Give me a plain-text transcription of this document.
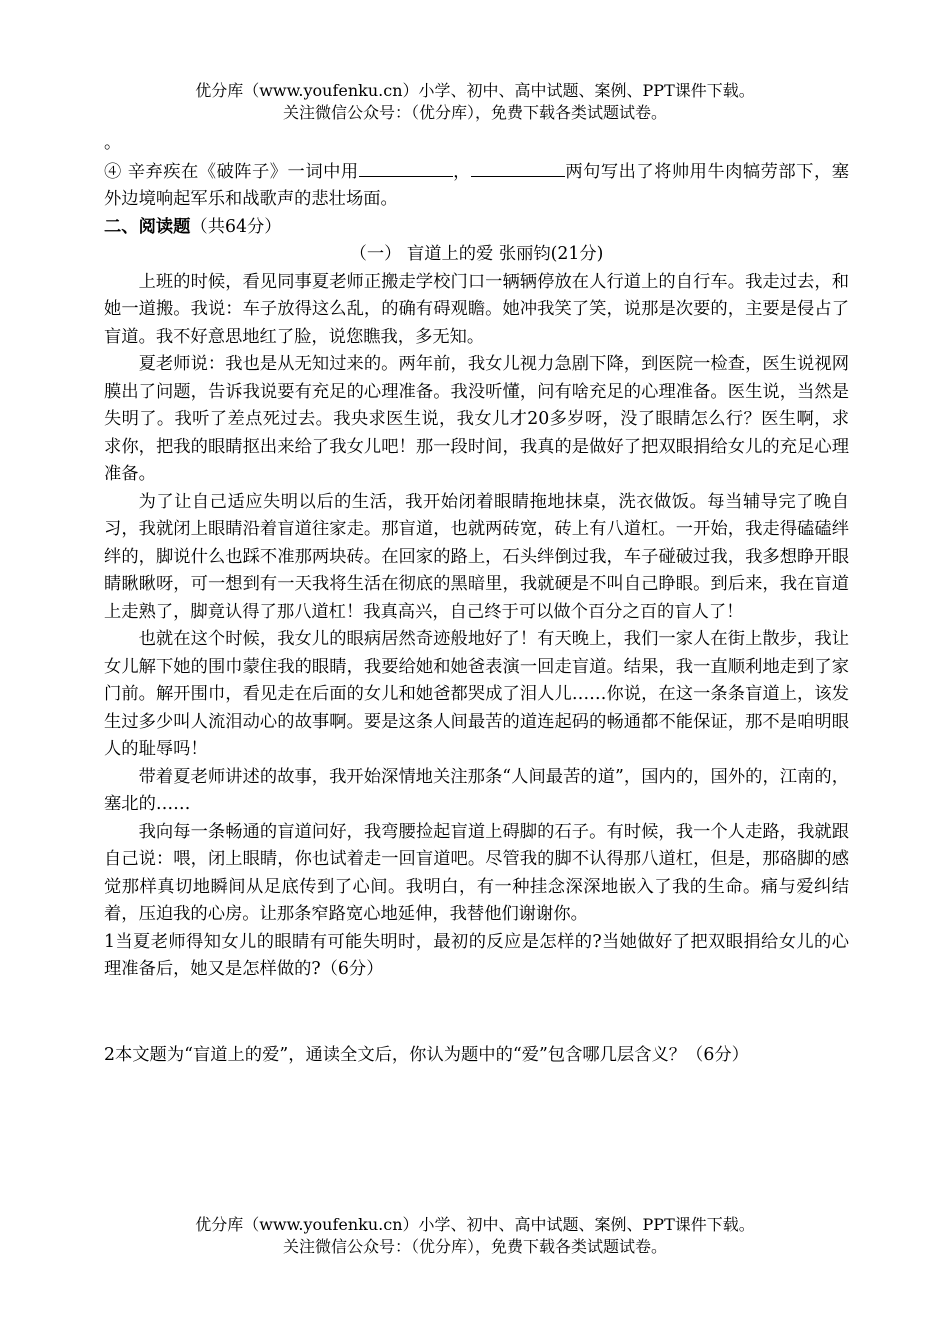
优分库（www.youfenku.cn）小学、初中、高中试题、案例、PPT课件下载。
关注微信公众号：（优分库），免费下载各类试题试卷。

。

④ 辛弃疾在《破阵子》一词中用	，	两句写出了将帅用牛肉犒劳部下，塞外边境响起军乐和战歌声的悲壮场面。

二、阅读题（共64分）

（一） 盲道上的爱 张丽钧(21分)

上班的时候，看见同事夏老师正搬走学校门口一辆辆停放在人行道上的自行车。我走过去，和她一道搬。我说：车子放得这么乱，的确有碍观瞻。她冲我笑了笑，说那是次要的，主要是侵占了盲道。我不好意思地红了脸，说您瞧我，多无知。

夏老师说：我也是从无知过来的。两年前，我女儿视力急剧下降，到医院一检查，医生说视网膜出了问题，告诉我说要有充足的心理准备。我没听懂，问有啥充足的心理准备。医生说，当然是失明了。我听了差点死过去。我央求医生说，我女儿才20多岁呀，没了眼睛怎么行？医生啊，求求你，把我的眼睛抠出来给了我女儿吧！那一段时间，我真的是做好了把双眼捐给女儿的充足心理准备。

为了让自己适应失明以后的生活，我开始闭着眼睛拖地抹桌，洗衣做饭。每当辅导完了晚自习，我就闭上眼睛沿着盲道往家走。那盲道，也就两砖宽，砖上有八道杠。一开始，我走得磕磕绊绊的，脚说什么也踩不准那两块砖。在回家的路上，石头绊倒过我，车子碰破过我，我多想睁开眼睛瞅瞅呀，可一想到有一天我将生活在彻底的黑暗里，我就硬是不叫自己睁眼。到后来，我在盲道上走熟了，脚竟认得了那八道杠！我真高兴，自己终于可以做个百分之百的盲人了！

也就在这个时候，我女儿的眼病居然奇迹般地好了！有天晚上，我们一家人在街上散步，我让女儿解下她的围巾蒙住我的眼睛，我要给她和她爸表演一回走盲道。结果，我一直顺利地走到了家门前。解开围巾，看见走在后面的女儿和她爸都哭成了泪人儿……你说，在这一条条盲道上，该发生过多少叫人流泪动心的故事啊。要是这条人间最苦的道连起码的畅通都不能保证，那不是咱明眼人的耻辱吗！

带着夏老师讲述的故事，我开始深情地关注那条“人间最苦的道”，国内的，国外的，江南的，塞北的……

我向每一条畅通的盲道问好，我弯腰捡起盲道上碍脚的石子。有时候，我一个人走路，我就跟自己说：喂，闭上眼睛，你也试着走一回盲道吧。尽管我的脚不认得那八道杠，但是，那硌脚的感觉那样真切地瞬间从足底传到了心间。我明白，有一种挂念深深地嵌入了我的生命。痛与爱纠结着，压迫我的心房。让那条窄路宽心地延伸，我替他们谢谢你。

1当夏老师得知女儿的眼睛有可能失明时，最初的反应是怎样的?当她做好了把双眼捐给女儿的心理准备后，她又是怎样做的?（6分）

2本文题为“盲道上的爱”，通读全文后，你认为题中的“爱”包含哪几层含义？（6分）

优分库（www.youfenku.cn）小学、初中、高中试题、案例、PPT课件下载。
关注微信公众号：（优分库），免费下载各类试题试卷。
